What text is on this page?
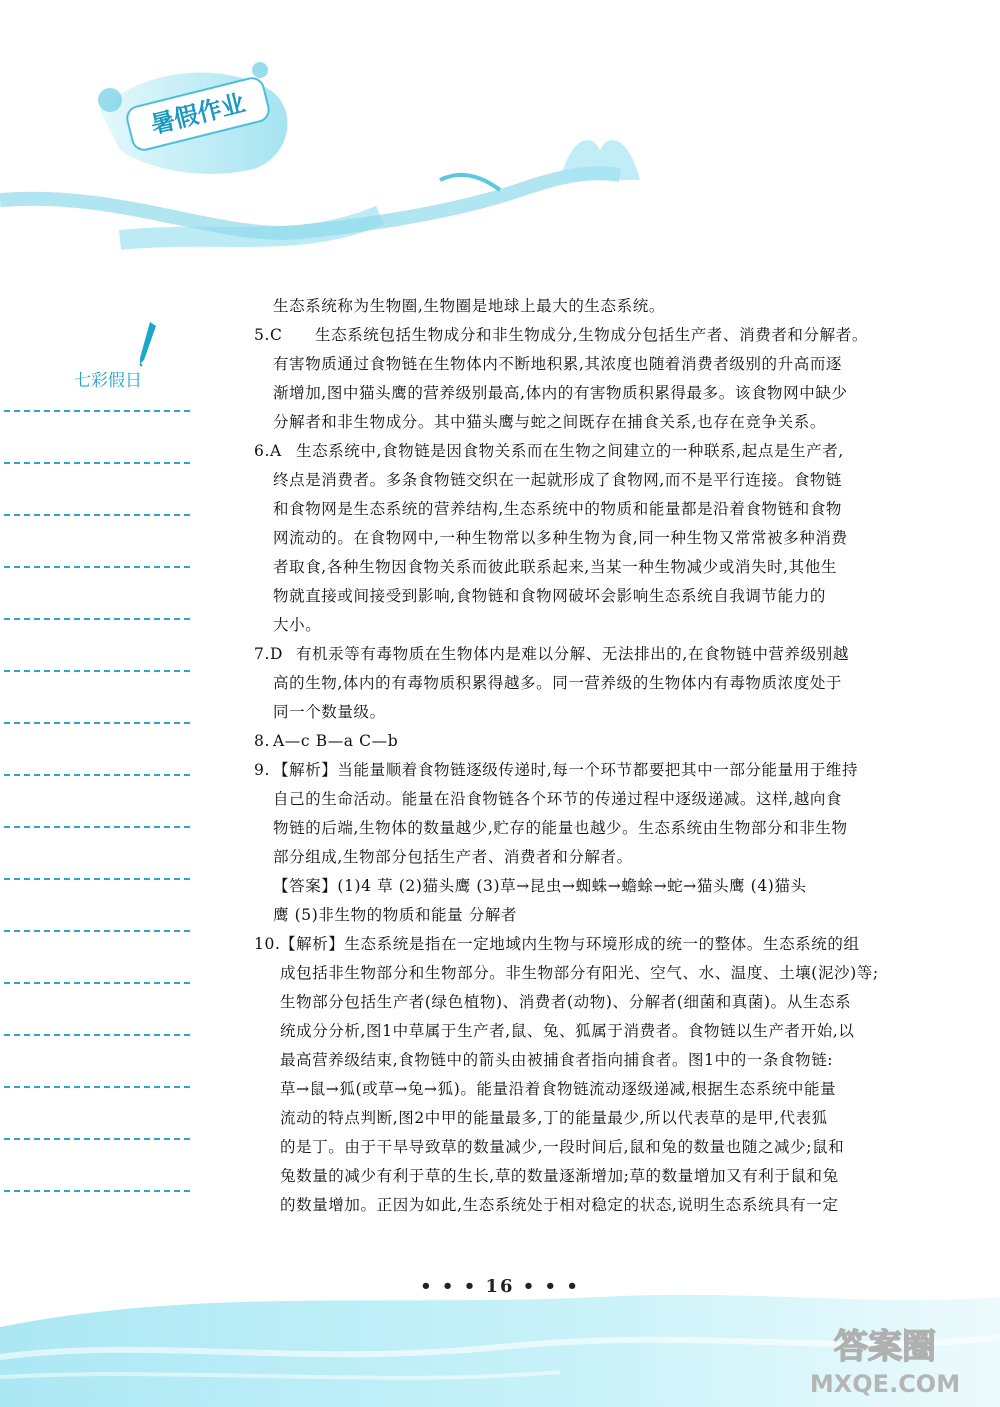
暑假作业
七彩假日

生态系统称为生物圈,生物圈是地球上最大的生态系统。

5.C	生态系统包括生物成分和非生物成分,生物成分包括生产者、消费者和分解者。

有害物质通过食物链在生物体内不断地积累,其浓度也随着消费者级别的升高而逐

渐增加,图中猫头鹰的营养级别最高,体内的有害物质积累得最多。该食物网中缺少

分解者和非生物成分。其中猫头鹰与蛇之间既存在捕食关系,也存在竞争关系。

6.A 生态系统中,食物链是因食物关系而在生物之间建立的一种联系,起点是生产者,

终点是消费者。多条食物链交织在一起就形成了食物网,而不是平行连接。食物链

和食物网是生态系统的营养结构,生态系统中的物质和能量都是沿着食物链和食物

网流动的。在食物网中,一种生物常以多种生物为食,同一种生物又常常被多种消费

者取食,各种生物因食物关系而彼此联系起来,当某一种生物减少或消失时,其他生

物就直接或间接受到影响,食物链和食物网破坏会影响生态系统自我调节能力的

大小。

7.D 有机汞等有毒物质在生物体内是难以分解、无法排出的,在食物链中营养级别越

高的生物,体内的有毒物质积累得越多。同一营养级的生物体内有毒物质浓度处于

同一个数量级。

8. A—c B—a C—b

9. 【解析】当能量顺着食物链逐级传递时,每一个环节都要把其中一部分能量用于维持

自己的生命活动。能量在沿食物链各个环节的传递过程中逐级递减。这样,越向食

物链的后端,生物体的数量越少,贮存的能量也越少。生态系统由生物部分和非生物

部分组成,生物部分包括生产者、消费者和分解者。

【答案】(1)4 草 (2)猫头鹰 (3)草→昆虫→蜘蛛→蟾蜍→蛇→猫头鹰 (4)猫头

鹰 (5)非生物的物质和能量 分解者

10. 【解析】生态系统是指在一定地域内生物与环境形成的统一的整体。生态系统的组

成包括非生物部分和生物部分。非生物部分有阳光、空气、水、温度、土壤(泥沙)等;

生物部分包括生产者(绿色植物)、消费者(动物)、分解者(细菌和真菌)。从生态系

统成分分析,图1中草属于生产者,鼠、兔、狐属于消费者。食物链以生产者开始,以

最高营养级结束,食物链中的箭头由被捕食者指向捕食者。图1中的一条食物链:

草→鼠→狐(或草→兔→狐)。能量沿着食物链流动逐级递减,根据生态系统中能量

流动的特点判断,图2中甲的能量最多,丁的能量最少,所以代表草的是甲,代表狐

的是丁。由于干旱导致草的数量减少,一段时间后,鼠和兔的数量也随之减少;鼠和

兔数量的减少有利于草的生长,草的数量逐渐增加;草的数量增加又有利于鼠和兔

的数量增加。正因为如此,生态系统处于相对稳定的状态,说明生态系统具有一定

• • • 16 • • •
答案圈
MXQE.COM
